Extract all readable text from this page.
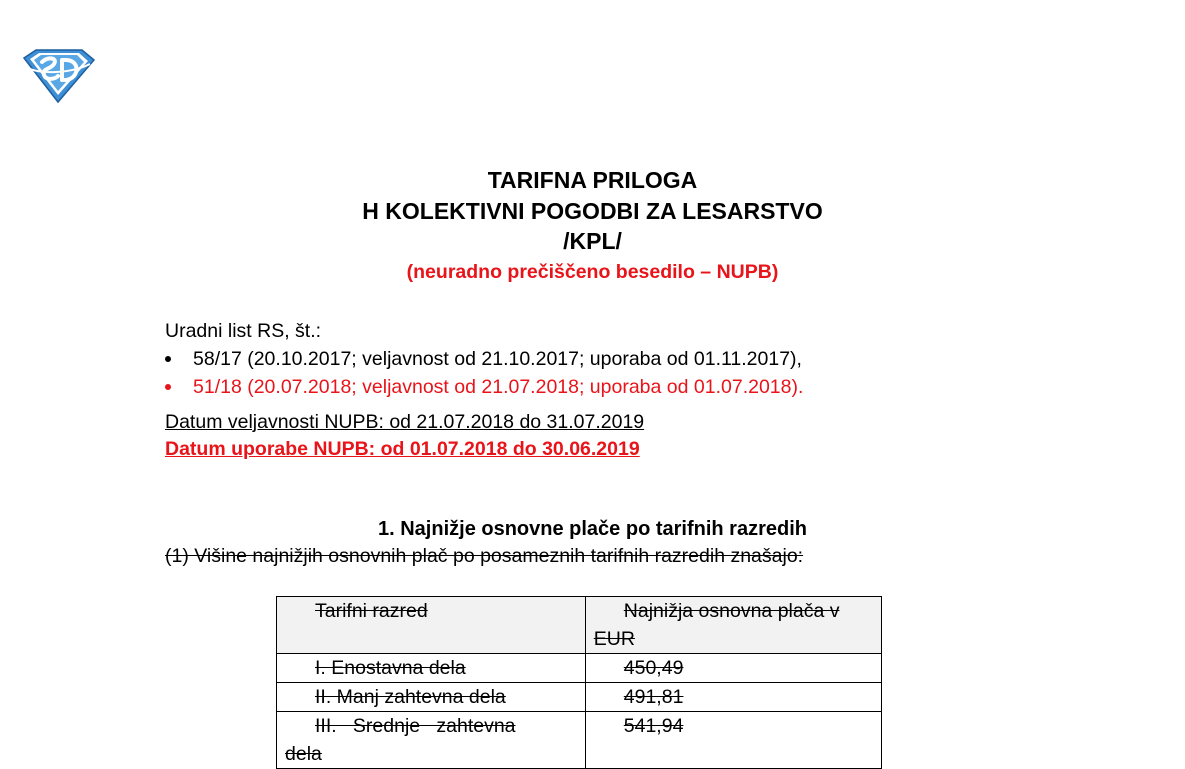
TARIFNA PRILOGA
H KOLEKTIVNI POGODBI ZA LESARSTVO
/KPL/
(neuradno prečiščeno besedilo – NUPB)
Uradni list RS, št.:
58/17 (20.10.2017; veljavnost od 21.10.2017; uporaba od 01.11.2017),
51/18 (20.07.2018; veljavnost od 21.07.2018; uporaba od 01.07.2018).
Datum veljavnosti NUPB: od 21.07.2018 do 31.07.2019
Datum uporabe NUPB: od 01.07.2018 do 30.06.2019
1. Najnižje osnovne plače po tarifnih razredih
(1) Višine najnižjih osnovnih plač po posameznih tarifnih razredih znašajo:
Tarifni razred	Najnižja osnovna plača v
EUR
I. Enostavna dela	450,49
II. Manj zahtevna dela	491,81
III.   Srednje   zahtevna
dela	541,94
